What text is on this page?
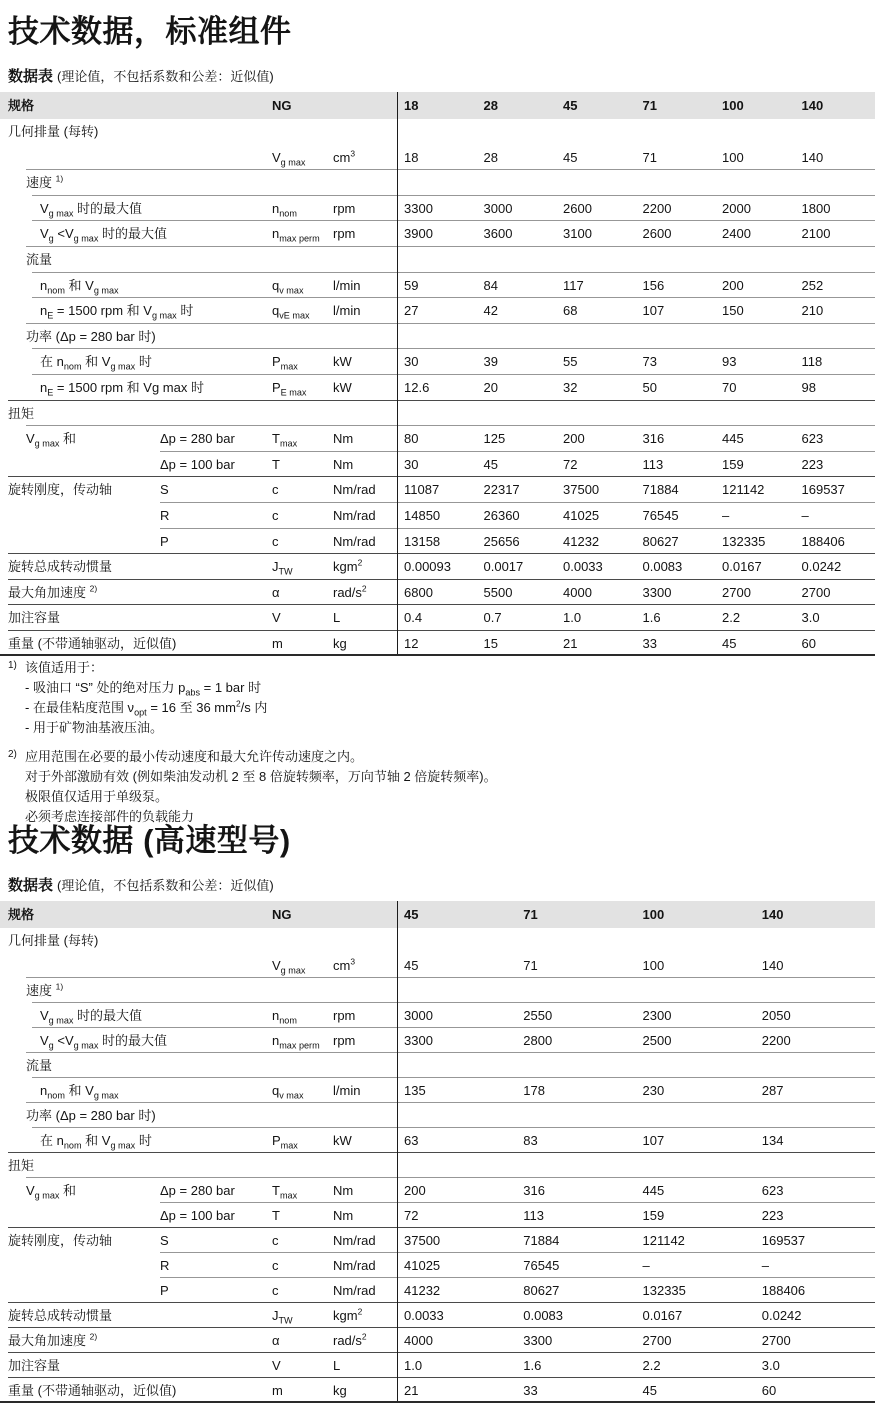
技术数据，标准组件
数据表 (理论值，不包括系数和公差：近似值)
规格	NG	18	28	45	71	100	140
几何排量 (每转)
$V_{g max}$ $cm^3$	18	28	45	71	100	140
速度 $^{1)}$
$V_{g max}$ 时的最大值	$n_{nom}$	rpm	3300	3000	2600	2200	2000	1800
$V_g <V_{g max}$ 时的最大值	$n_{max perm}$ rpm	3900	3600	3100	2600	2400	2100
流量
$n_{nom}$ 和 $V_{g max}$	$q_{v max}$ l/min	59	84	117	156	200	252
$n_E = 1500$ rpm 和 $V_{g max}$ 时	$q_{vE max}$ l/min	27	42	68	107	150	210
功率 (Δp = 280 bar 时)
在 $n_{nom}$ 和 $V_{g max}$ 时	$P_{max}$	kW	30	39	55	73	93	118
$n_E = 1500$ rpm 和 Vg max 时	$P_{E max}$ kW	12.6	20	32	50	70	98
扭矩
$V_{g max}$ 和	Δp = 280 bar	$T_{max}$	Nm	80	125	200	316	445	623
Δp = 100 bar	T	Nm	30	45	72	113	159	223
旋转刚度，传动轴	S	c	Nm/rad 11087	22317	37500	71884	121142	169537
R	c	Nm/rad 14850	26360	41025	76545	–	–
P	c	Nm/rad 13158	25656	41232	80627	132335	188406
旋转总成转动惯量	$J_{TW}$	kgm$^2$	0.00093	0.0017	0.0033	0.0083	0.0167	0.0242
最大角加速度 $^{2)}$	α	rad/$s^2$	6800	5500	4000	3300	2700	2700
加注容量	V	L	0.4	0.7	1.0	1.6	2.2	3.0
重量 (不带通轴驱动，近似值)	m	kg	12	15	21	33	45	60
1) 该值适用于：
- 吸油口 “S” 处的绝对压力 $p_{abs} = 1$ bar 时
- 在最佳粘度范围 $\nu_{opt} = 16$ 至 36 $mm^2/s$ 内
- 用于矿物油基液压油。
2) 应用范围在必要的最小传动速度和最大允许传动速度之内。
对于外部激励有效 (例如柴油发动机 2 至 8 倍旋转频率，万向节轴 2 倍旋转频率)。
极限值仅适用于单级泵。
必须考虑连接部件的负载能力
技术数据 (高速型号)
数据表 (理论值，不包括系数和公差：近似值)
规格	NG	45	71	100	140
几何排量 (每转)
$V_{g max}$ $cm^3$	45	71	100	140
速度 $^{1)}$
$V_{g max}$ 时的最大值	$n_{nom}$	rpm	3000	2550	2300	2050
$V_g <V_{g max}$ 时的最大值	$n_{max perm}$ rpm	3300	2800	2500	2200
流量
$n_{nom}$ 和 $V_{g max}$	$q_{v max}$ l/min	135	178	230	287
功率 (Δp = 280 bar 时)
在 $n_{nom}$ 和 $V_{g max}$ 时	$P_{max}$	kW	63	83	107	134
扭矩
$V_{g max}$ 和	Δp = 280 bar	$T_{max}$	Nm	200	316	445	623
Δp = 100 bar	T	Nm	72	113	159	223
旋转刚度，传动轴	S	c	Nm/rad 37500	71884	121142	169537
R	c	Nm/rad 41025	76545	–	–
P	c	Nm/rad 41232	80627	132335	188406
旋转总成转动惯量	$J_{TW}$	kgm$^2$	0.0033	0.0083	0.0167	0.0242
最大角加速度 $^{2)}$	α	rad/$s^2$	4000	3300	2700	2700
加注容量	V	L	1.0	1.6	2.2	3.0
重量 (不带通轴驱动，近似值)	m	kg	21	33	45	60
